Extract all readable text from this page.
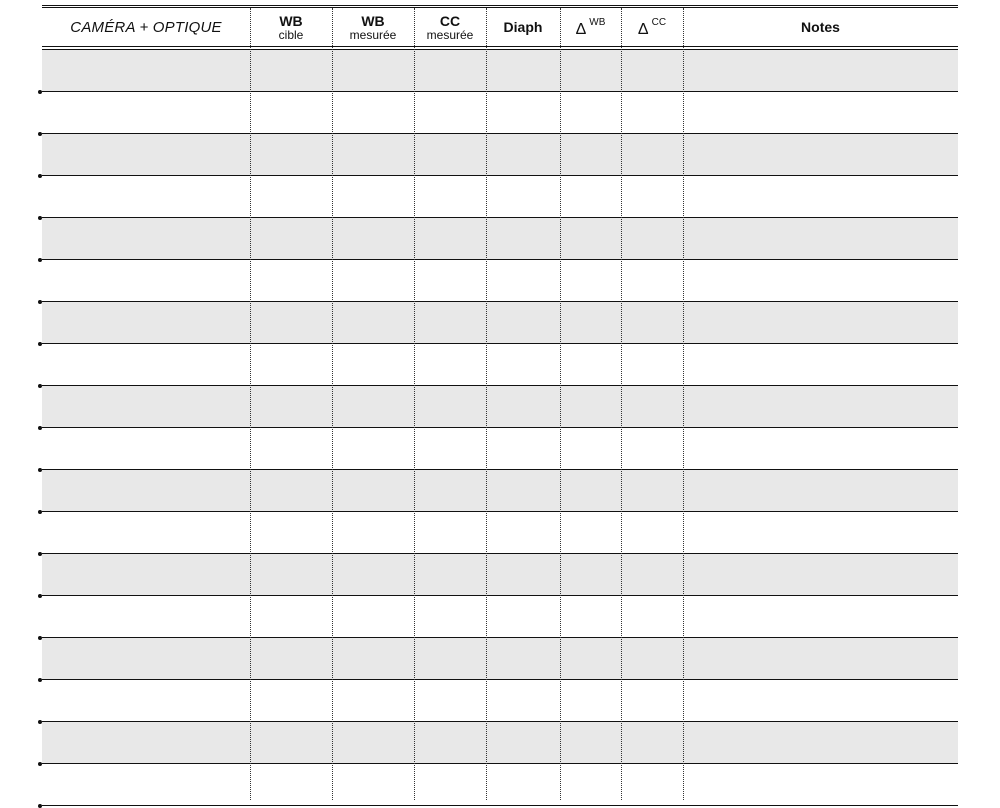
CAMÉRA + OPTIQUE	WB
cible
WB
mesurée
CC
mesurée Diaph Δ WB Δ CC	Notes
